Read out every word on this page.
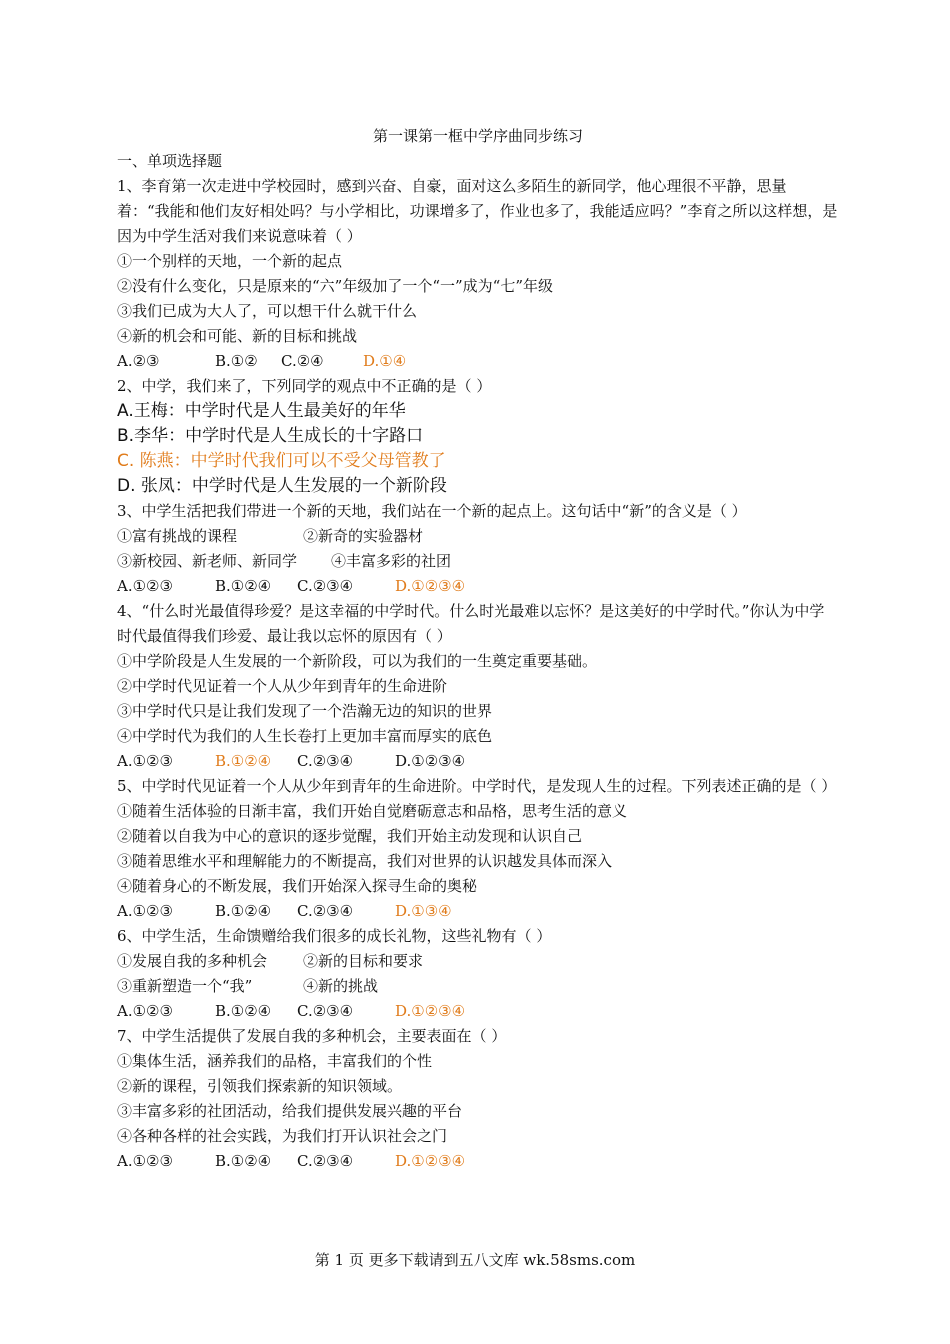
第一课第一框中学序曲同步练习

一、单项选择题

1、李育第一次走进中学校园时，感到兴奋、自豪，面对这么多陌生的新同学，他心理很不平静，思量着：“我能和他们友好相处吗？与小学相比，功课增多了，作业也多了，我能适应吗？”李育之所以这样想，是因为中学生活对我们来说意味着（ ）

①一个别样的天地，一个新的起点

②没有什么变化，只是原来的“六”年级加了一个“一”成为“七”年级

③我们已成为大人了，可以想干什么就干什么

④新的机会和可能、新的目标和挑战

A.②③	B.①② C.②④	D.①④

2、中学，我们来了，下列同学的观点中不正确的是（ ）

A.王梅：中学时代是人生最美好的年华

B.李华：中学时代是人生成长的十字路口

C. 陈燕：中学时代我们可以不受父母管教了

D. 张凤：中学时代是人生发展的一个新阶段

3、中学生活把我们带进一个新的天地，我们站在一个新的起点上。这句话中“新”的含义是（ ）

①富有挑战的课程	②新奇的实验器材

③新校园、新老师、新同学 ④丰富多彩的社团

A.①②③	B.①②④ C.②③④	D.①②③④

4、“什么时光最值得珍爱？是这幸福的中学时代。什么时光最难以忘怀？是这美好的中学时代。”你认为中学时代最值得我们珍爱、最让我以忘怀的原因有（ ）

①中学阶段是人生发展的一个新阶段，可以为我们的一生奠定重要基础。

②中学时代见证着一个人从少年到青年的生命进阶

③中学时代只是让我们发现了一个浩瀚无边的知识的世界

④中学时代为我们的人生长卷打上更加丰富而厚实的底色

A.①②③	B.①②④ C.②③④	D.①②③④

5、中学时代见证着一个人从少年到青年的生命进阶。中学时代，是发现人生的过程。下列表述正确的是（ ）

①随着生活体验的日渐丰富，我们开始自觉磨砺意志和品格，思考生活的意义

②随着以自我为中心的意识的逐步觉醒，我们开始主动发现和认识自己

③随着思维水平和理解能力的不断提高，我们对世界的认识越发具体而深入

④随着身心的不断发展，我们开始深入探寻生命的奥秘

A.①②③	B.①②④ C.②③④	D.①③④

6、中学生活，生命馈赠给我们很多的成长礼物，这些礼物有（ ）

①发展自我的多种机会 ②新的目标和要求

③重新塑造一个“我”	④新的挑战

A.①②③	B.①②④ C.②③④	D.①②③④

7、中学生活提供了发展自我的多种机会，主要表面在（ ）

①集体生活，涵养我们的品格，丰富我们的个性

②新的课程，引领我们探索新的知识领域。

③丰富多彩的社团活动，给我们提供发展兴趣的平台

④各种各样的社会实践，为我们打开认识社会之门

A.①②③	B.①②④ C.②③④	D.①②③④

第 1 页 更多下载请到五八文库 wk.58sms.com
